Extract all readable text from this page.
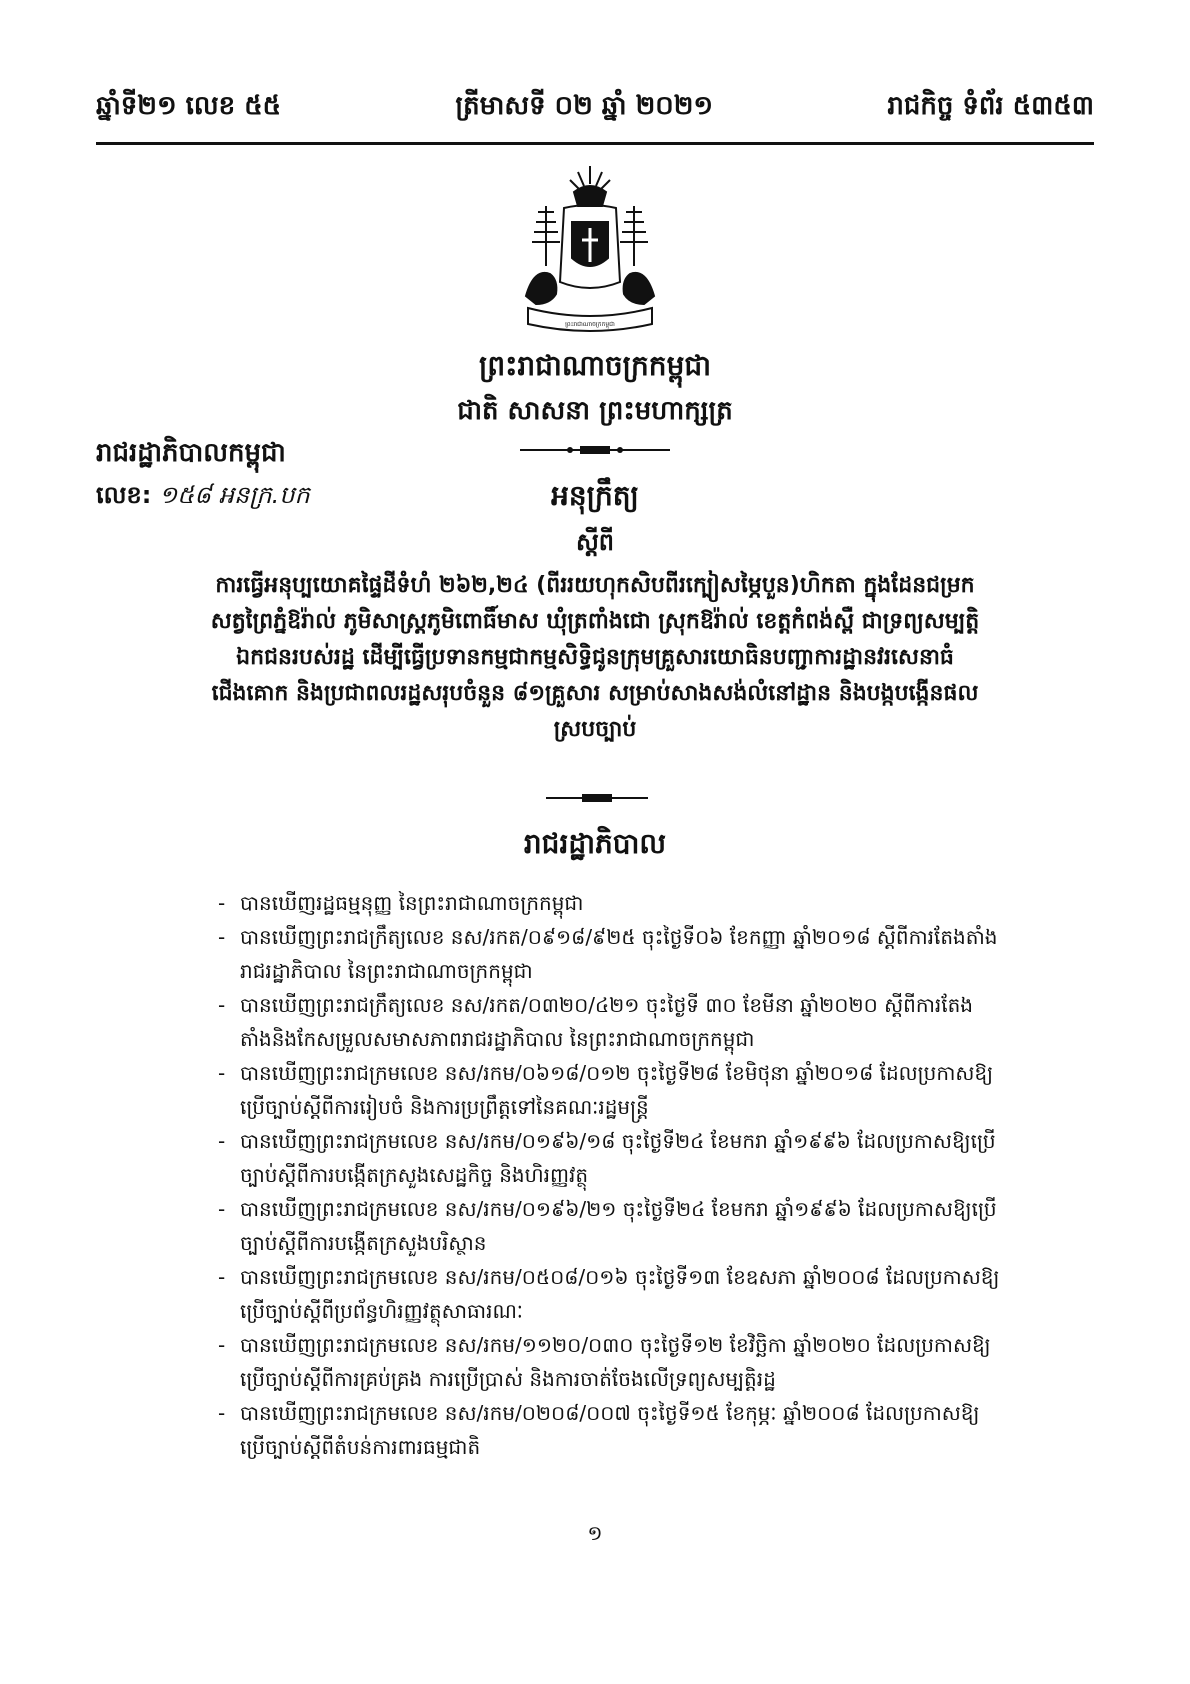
ឆ្នាំទី២១ លេខ ៥៥	ត្រីមាសទី ០២ ឆ្នាំ ២០២១	រាជកិច្ច ទំព័រ ៥៣៥៣
ព្រះរាជាណាចក្រកម្ពុជា
ព្រះរាជាណាចក្រកម្ពុជា
ជាតិ សាសនា ព្រះមហាក្សត្រ
រាជរដ្ឋាភិបាលកម្ពុជា
លេខ: ១៥៨ អនក្រ.បក	អនុក្រឹត្យ
ស្តីពី
ការធ្វើអនុប្បយោគផ្ទៃដីទំហំ ២៦២,២៤ (ពីររយហុកសិបពីរក្បៀសម្ភៃបួន)ហិកតា ក្នុងដែនជម្រក
សត្វព្រៃភ្នំឱរ៉ាល់ ភូមិសាស្ត្រភូមិពោធិ៍មាស ឃុំត្រពាំងជោ ស្រុកឱរ៉ាល់ ខេត្តកំពង់ស្ពឺ ជាទ្រព្យសម្បត្តិ
ឯកជនរបស់រដ្ឋ ដើម្បីធ្វើប្រទានកម្មជាកម្មសិទ្ធិជូនក្រុមគ្រួសារយោធិនបញ្ជាការដ្ឋានវរសេនាធំ
ជើងគោក និងប្រជាពលរដ្ឋសរុបចំនួន ៨១គ្រួសារ សម្រាប់សាងសង់លំនៅដ្ឋាន និងបង្កបង្កើនផល
ស្របច្បាប់
រាជរដ្ឋាភិបាល
- បានឃើញរដ្ឋធម្មនុញ្ញ នៃព្រះរាជាណាចក្រកម្ពុជា
- បានឃើញព្រះរាជក្រឹត្យលេខ នស/រកត/០៩១៨/៩២៥ ចុះថ្ងៃទី០៦ ខែកញ្ញា ឆ្នាំ២០១៨ ស្តីពីការតែងតាំងរាជរដ្ឋាភិបាល នៃព្រះរាជាណាចក្រកម្ពុជា
- បានឃើញព្រះរាជក្រឹត្យលេខ នស/រកត/០៣២០/៤២១ ចុះថ្ងៃទី ៣០ ខែមីនា ឆ្នាំ២០២០ ស្តីពីការតែងតាំងនិងកែសម្រួលសមាសភាពរាជរដ្ឋាភិបាល នៃព្រះរាជាណាចក្រកម្ពុជា
- បានឃើញព្រះរាជក្រមលេខ នស/រកម/០៦១៨/០១២ ចុះថ្ងៃទី២៨ ខែមិថុនា ឆ្នាំ២០១៨ ដែលប្រកាសឱ្យប្រើច្បាប់ស្តីពីការរៀបចំ និងការប្រព្រឹត្តទៅនៃគណៈរដ្ឋមន្ត្រី
- បានឃើញព្រះរាជក្រមលេខ នស/រកម/០១៩៦/១៨ ចុះថ្ងៃទី២៤ ខែមករា ឆ្នាំ១៩៩៦ ដែលប្រកាសឱ្យប្រើច្បាប់ស្តីពីការបង្កើតក្រសួងសេដ្ឋកិច្ច និងហិរញ្ញវត្ថុ
- បានឃើញព្រះរាជក្រមលេខ នស/រកម/០១៩៦/២១ ចុះថ្ងៃទី២៤ ខែមករា ឆ្នាំ១៩៩៦ ដែលប្រកាសឱ្យប្រើច្បាប់ស្តីពីការបង្កើតក្រសួងបរិស្ថាន
- បានឃើញព្រះរាជក្រមលេខ នស/រកម/០៥០៨/០១៦ ចុះថ្ងៃទី១៣ ខែឧសភា ឆ្នាំ២០០៨ ដែលប្រកាសឱ្យប្រើច្បាប់ស្តីពីប្រព័ន្ធហិរញ្ញវត្ថុសាធារណៈ
- បានឃើញព្រះរាជក្រមលេខ នស/រកម/១១២០/០៣០ ចុះថ្ងៃទី១២ ខែវិច្ឆិកា ឆ្នាំ២០២០ ដែលប្រកាសឱ្យប្រើច្បាប់ស្តីពីការគ្រប់គ្រង ការប្រើប្រាស់ និងការចាត់ចែងលើទ្រព្យសម្បត្តិរដ្ឋ
- បានឃើញព្រះរាជក្រមលេខ នស/រកម/០២០៨/០០៧ ចុះថ្ងៃទី១៥ ខែកុម្ភៈ ឆ្នាំ២០០៨ ដែលប្រកាសឱ្យប្រើច្បាប់ស្តីពីតំបន់ការពារធម្មជាតិ
១
